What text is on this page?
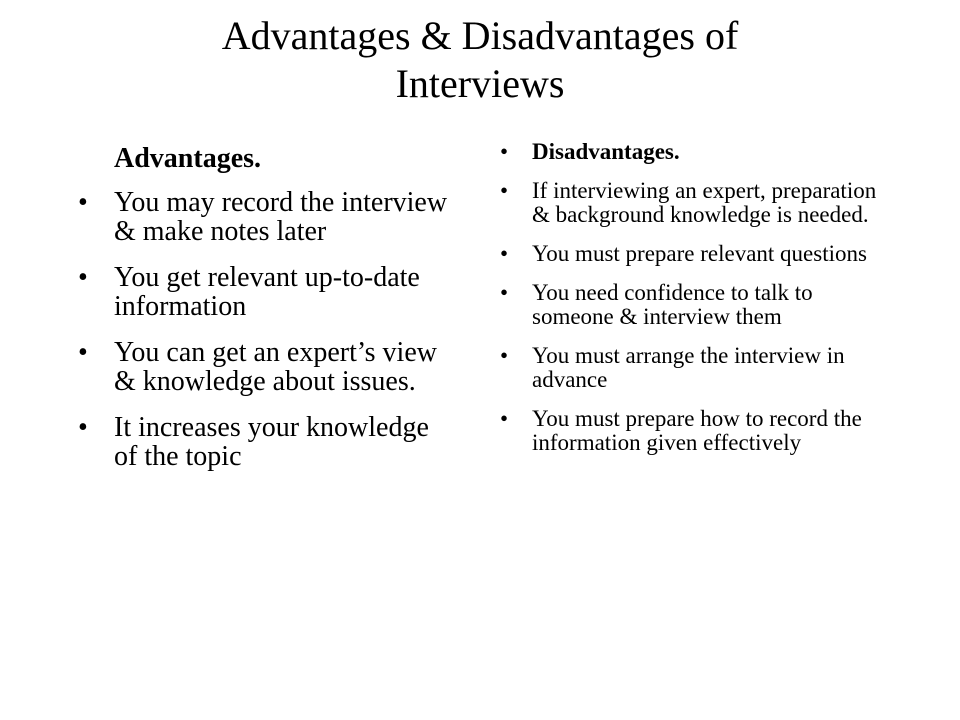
Advantages & Disadvantages of
Interviews
Advantages.
• You may record the interview & make notes later
• You get relevant up-to-date information
• You can get an expert’s view & knowledge about issues.
• It increases your knowledge of the topic
• Disadvantages.
• If interviewing an expert, preparation & background knowledge is needed.
• You must prepare relevant questions
• You need confidence to talk to someone & interview them
• You must arrange the interview in advance
• You must prepare how to record the information given effectively
